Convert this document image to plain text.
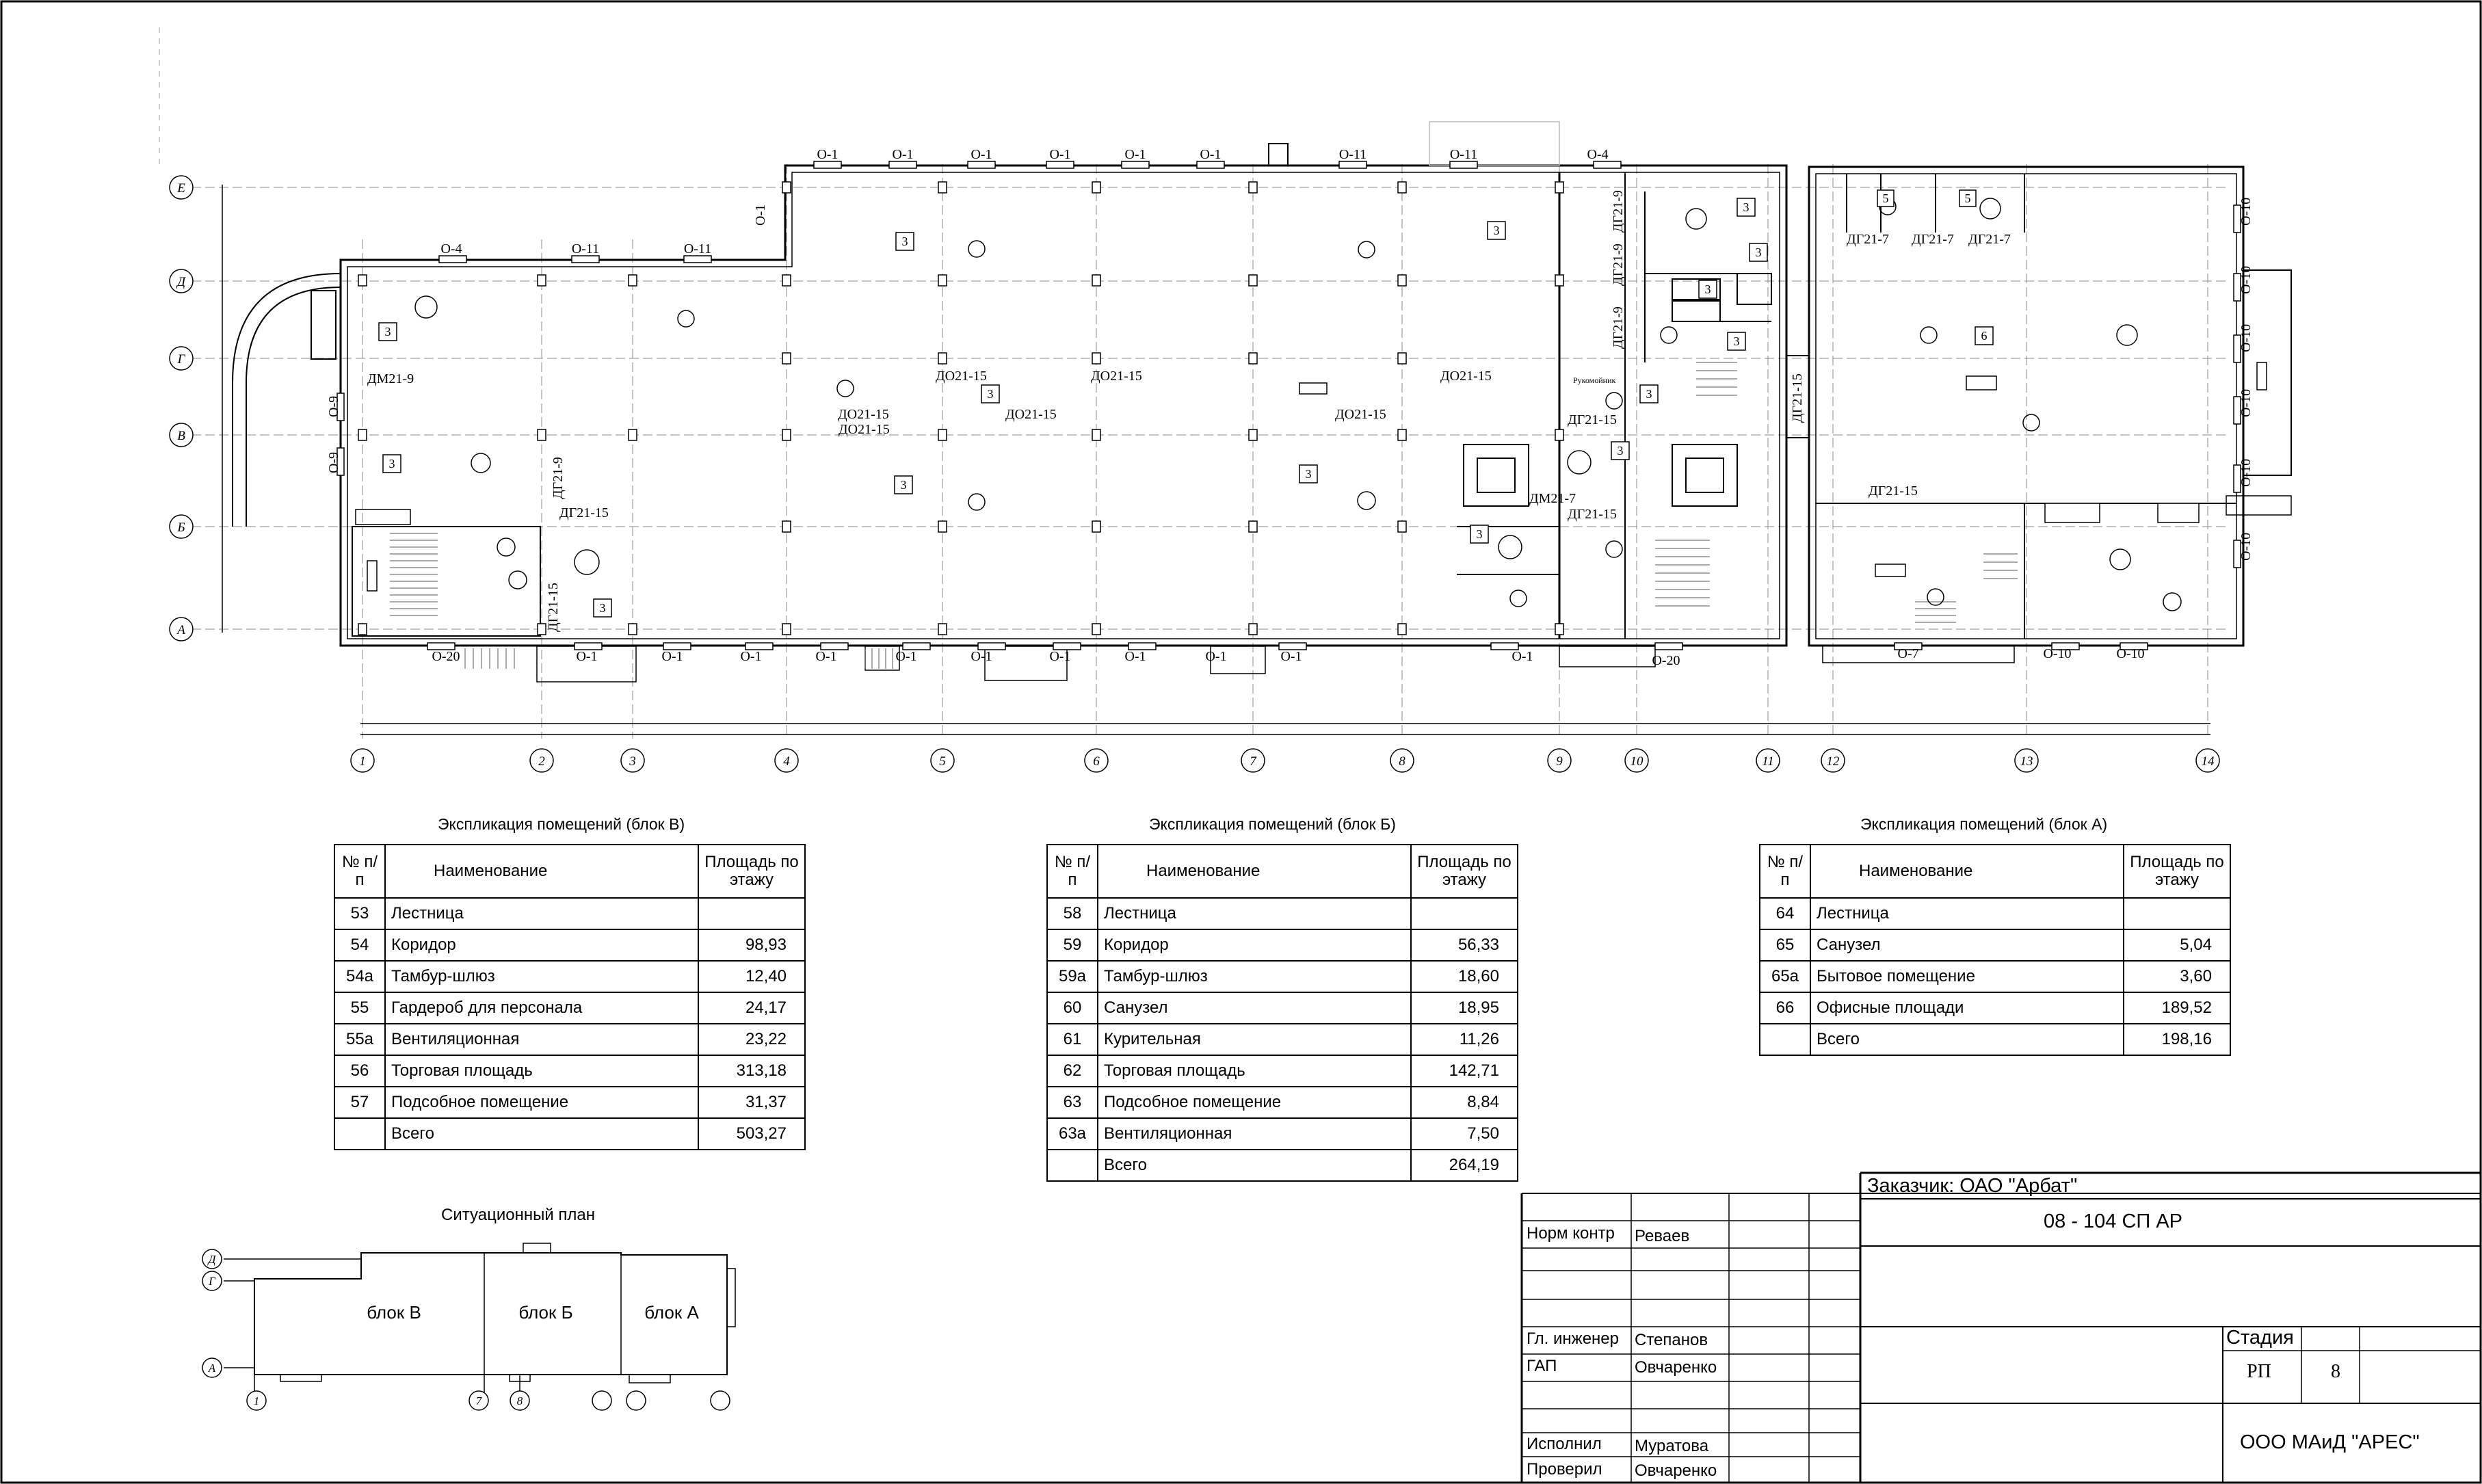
Е
Д
Г
В
Б
А
1	2	3	4	5	6	7	8	9	10	11	12	13	14
О-4	О-11	О-11
О-1	О-1	О-1	О-1	О-1	О-1	О-11	О-11	О-4
О-1
О-20	О-1	О-1	О-1	О-1	О-1	О-1	О-1	О-1	О-1	О-1	О-1	О-20	О-7	О-10	О-10
О-9
О-9
О-10
О-10
О-10
О-10
О-10
О-10
ДМ21-9
ДО21-15
ДО21-15
ДО21-15
ДО21-15
ДО21-15
ДО21-15
ДГ21-9
ДГ21-15
ДГ21-15
ДГ21-15
ДМ21-7
ДГ21-15
ДГ21-9
ДГ21-9
ДГ21-9
ДГ21-15
ДГ21-7 ДГ21-7 ДГ21-7
ДГ21-15
ДО21-15
Рукомойник
3
3
3
3
3
3
3
3
3
3
3
3
3
3
3
5	5
6
Д
Г
А
1	7	8
блок В	блок Б	блок А
Экспликация помещений (блок В)
№ п/п	Наименование	Площадь по этажу
53	Лестница	
54	Коридор	98,93
54а	Тамбур-шлюз	12,40
55	Гардероб для персонала	24,17
55а	Вентиляционная	23,22
56	Торговая площадь	313,18
57	Подсобное помещение	31,37
	Всего	503,27
Экспликация помещений (блок Б)
№ п/п	Наименование	Площадь по этажу
58	Лестница	
59	Коридор	56,33
59а	Тамбур-шлюз	18,60
60	Санузел	18,95
61	Курительная	11,26
62	Торговая площадь	142,71
63	Подсобное помещение	8,84
63а	Вентиляционная	7,50
	Всего	264,19
Экспликация помещений (блок А)
№ п/п	Наименование	Площадь по этажу
64	Лестница	
65	Санузел	5,04
65а	Бытовое помещение	3,60
66	Офисные площади	189,52
	Всего	198,16
Ситуационный план
Заказчик: ОАО "Арбат"
08 - 104 СП АР
Норм контр Реваев
Гл. инженер Степанов
ГАП	Овчаренко
Исполнил Муратова
Проверил Овчаренко
Стадия
РП	8
ООО МАиД "АРЕС"
